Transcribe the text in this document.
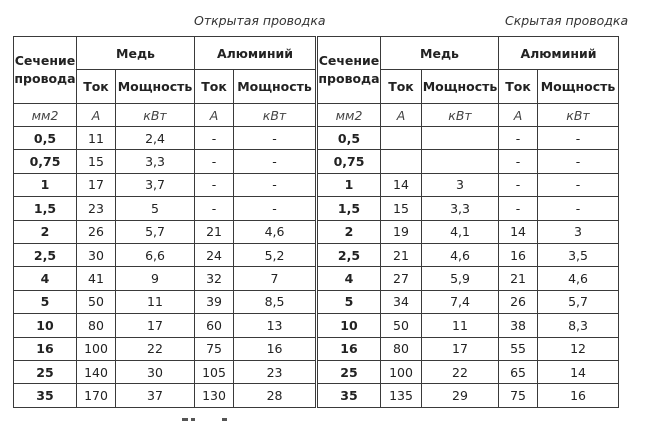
Открытая проводка	Скрытая проводка
Сечение
провода	Медь		Алюминий	
	Ток	Мощность	Ток	Мощность
мм2	А	кВт	А	кВт
0,5	11	2,4	-	-
0,75	15	3,3	-	-
1	17	3,7	-	-
1,5	23	5	-	-
2	26	5,7	21	4,6
2,5	30	6,6	24	5,2
4	41	9	32	7
5	50	11	39	8,5
10	80	17	60	13
16	100	22	75	16
25	140	30	105	23
35	170	37	130	28
Сечение
провода	Медь		Алюминий	
	Ток	Мощность	Ток	Мощность
мм2	А	кВт	А	кВт
0,5			-	-
0,75			-	-
1	14	3	-	-
1,5	15	3,3	-	-
2	19	4,1	14	3
2,5	21	4,6	16	3,5
4	27	5,9	21	4,6
5	34	7,4	26	5,7
10	50	11	38	8,3
16	80	17	55	12
25	100	22	65	14
35	135	29	75	16
